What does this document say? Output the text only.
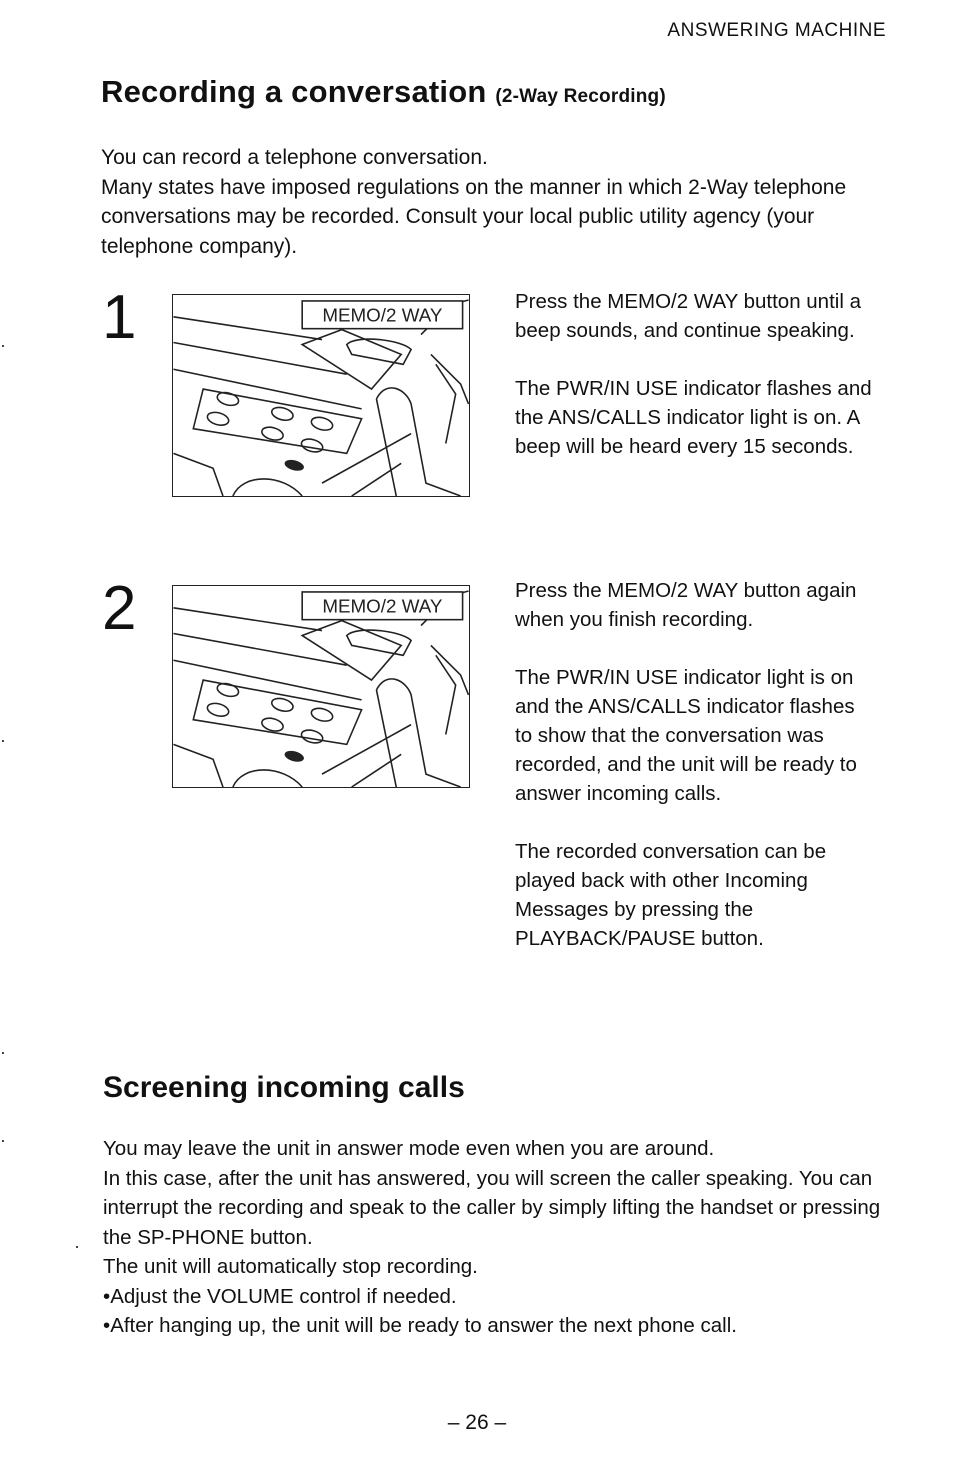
ANSWERING MACHINE
Recording a conversation (2-Way Recording)

You can record a telephone conversation.

Many states have imposed regulations on the manner in which 2-Way telephone conversations may be recorded. Consult your local public utility agency (your telephone company).

1	MEMO/2 WAY

Press the MEMO/2 WAY button until a beep sounds, and continue speaking.

The PWR/IN USE indicator flashes and the ANS/CALLS indicator light is on. A beep will be heard every 15 seconds.

2	MEMO/2 WAY

Press the MEMO/2 WAY button again when you finish recording.

The PWR/IN USE indicator light is on and the ANS/CALLS indicator flashes to show that the conversation was recorded, and the unit will be ready to answer incoming calls.

The recorded conversation can be played back with other Incoming Messages by pressing the PLAYBACK/PAUSE button.

Screening incoming calls

You may leave the unit in answer mode even when you are around.

In this case, after the unit has answered, you will screen the caller speaking. You can interrupt the recording and speak to the caller by simply lifting the handset or pressing the SP-PHONE button.

The unit will automatically stop recording.

• Adjust the VOLUME control if needed.

• After hanging up, the unit will be ready to answer the next phone call.

– 26 –
